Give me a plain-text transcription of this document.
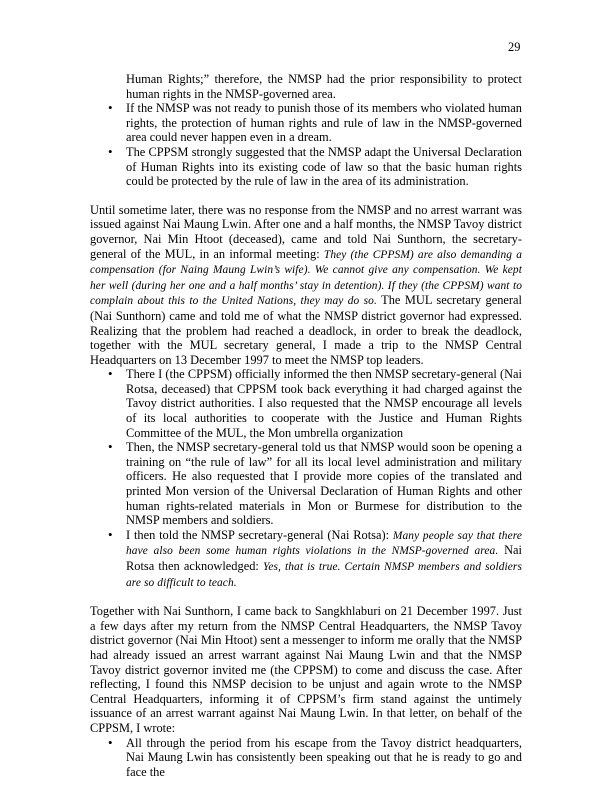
29
Human Rights;” therefore, the NMSP had the prior responsibility to protect human rights in the NMSP-governed area.
• If the NMSP was not ready to punish those of its members who violated human rights, the protection of human rights and rule of law in the NMSP-governed area could never happen even in a dream.
• The CPPSM strongly suggested that the NMSP adapt the Universal Declaration of Human Rights into its existing code of law so that the basic human rights could be protected by the rule of law in the area of its administration.

Until sometime later, there was no response from the NMSP and no arrest warrant was issued against Nai Maung Lwin. After one and a half months, the NMSP Tavoy district governor, Nai Min Htoot (deceased), came and told Nai Sunthorn, the secretary-general of the MUL, in an informal meeting: They (the CPPSM) are also demanding a compensation (for Naing Maung Lwin’s wife). We cannot give any compensation. We kept her well (during her one and a half months’ stay in detention). If they (the CPPSM) want to complain about this to the United Nations, they may do so. The MUL secretary general (Nai Sunthorn) came and told me of what the NMSP district governor had expressed. Realizing that the problem had reached a deadlock, in order to break the deadlock, together with the MUL secretary general, I made a trip to the NMSP Central Headquarters on 13 December 1997 to meet the NMSP top leaders.

• There I (the CPPSM) officially informed the then NMSP secretary-general (Nai Rotsa, deceased) that CPPSM took back everything it had charged against the Tavoy district authorities. I also requested that the NMSP encourage all levels of its local authorities to cooperate with the Justice and Human Rights Committee of the MUL, the Mon umbrella organization
• Then, the NMSP secretary-general told us that NMSP would soon be opening a training on “the rule of law” for all its local level administration and military officers. He also requested that I provide more copies of the translated and printed Mon version of the Universal Declaration of Human Rights and other human rights-related materials in Mon or Burmese for distribution to the NMSP members and soldiers.
• I then told the NMSP secretary-general (Nai Rotsa): Many people say that there have also been some human rights violations in the NMSP-governed area. Nai Rotsa then acknowledged: Yes, that is true. Certain NMSP members and soldiers are so difficult to teach.

Together with Nai Sunthorn, I came back to Sangkhlaburi on 21 December 1997. Just a few days after my return from the NMSP Central Headquarters, the NMSP Tavoy district governor (Nai Min Htoot) sent a messenger to inform me orally that the NMSP had already issued an arrest warrant against Nai Maung Lwin and that the NMSP Tavoy district governor invited me (the CPPSM) to come and discuss the case. After reflecting, I found this NMSP decision to be unjust and again wrote to the NMSP Central Headquarters, informing it of CPPSM’s firm stand against the untimely issuance of an arrest warrant against Nai Maung Lwin. In that letter, on behalf of the CPPSM, I wrote:

• All through the period from his escape from the Tavoy district headquarters, Nai Maung Lwin has consistently been speaking out that he is ready to go and face the
